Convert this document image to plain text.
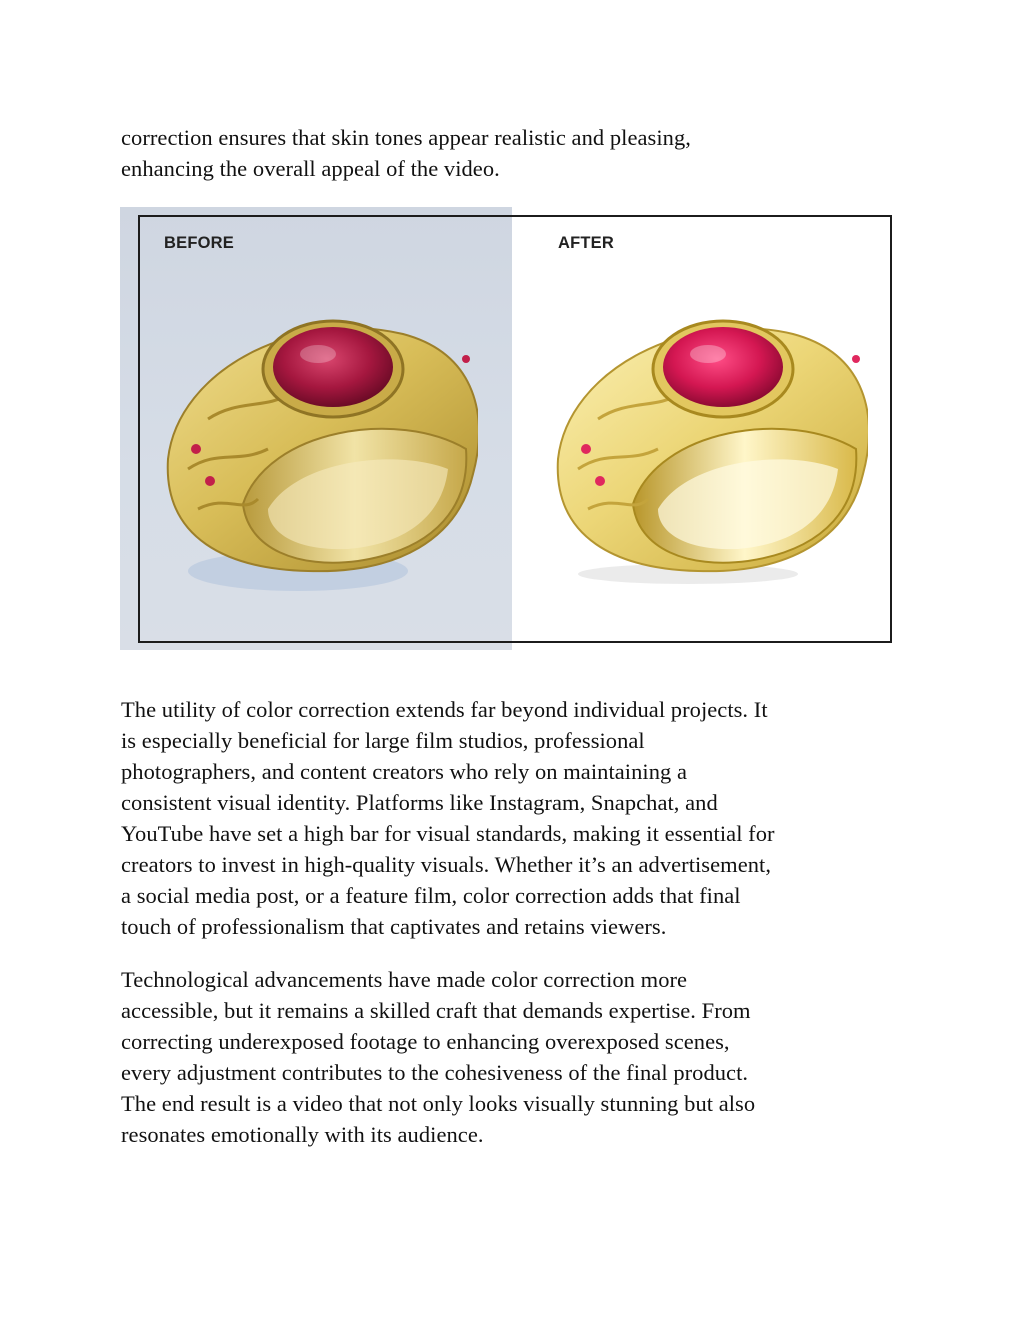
correction ensures that skin tones appear realistic and pleasing,
enhancing the overall appeal of the video.

BEFORE	AFTER

The utility of color correction extends far beyond individual projects. It
is especially beneficial for large film studios, professional
photographers, and content creators who rely on maintaining a
consistent visual identity. Platforms like Instagram, Snapchat, and
YouTube have set a high bar for visual standards, making it essential for
creators to invest in high-quality visuals. Whether it’s an advertisement,
a social media post, or a feature film, color correction adds that final
touch of professionalism that captivates and retains viewers.

Technological advancements have made color correction more
accessible, but it remains a skilled craft that demands expertise. From
correcting underexposed footage to enhancing overexposed scenes,
every adjustment contributes to the cohesiveness of the final product.
The end result is a video that not only looks visually stunning but also
resonates emotionally with its audience.
